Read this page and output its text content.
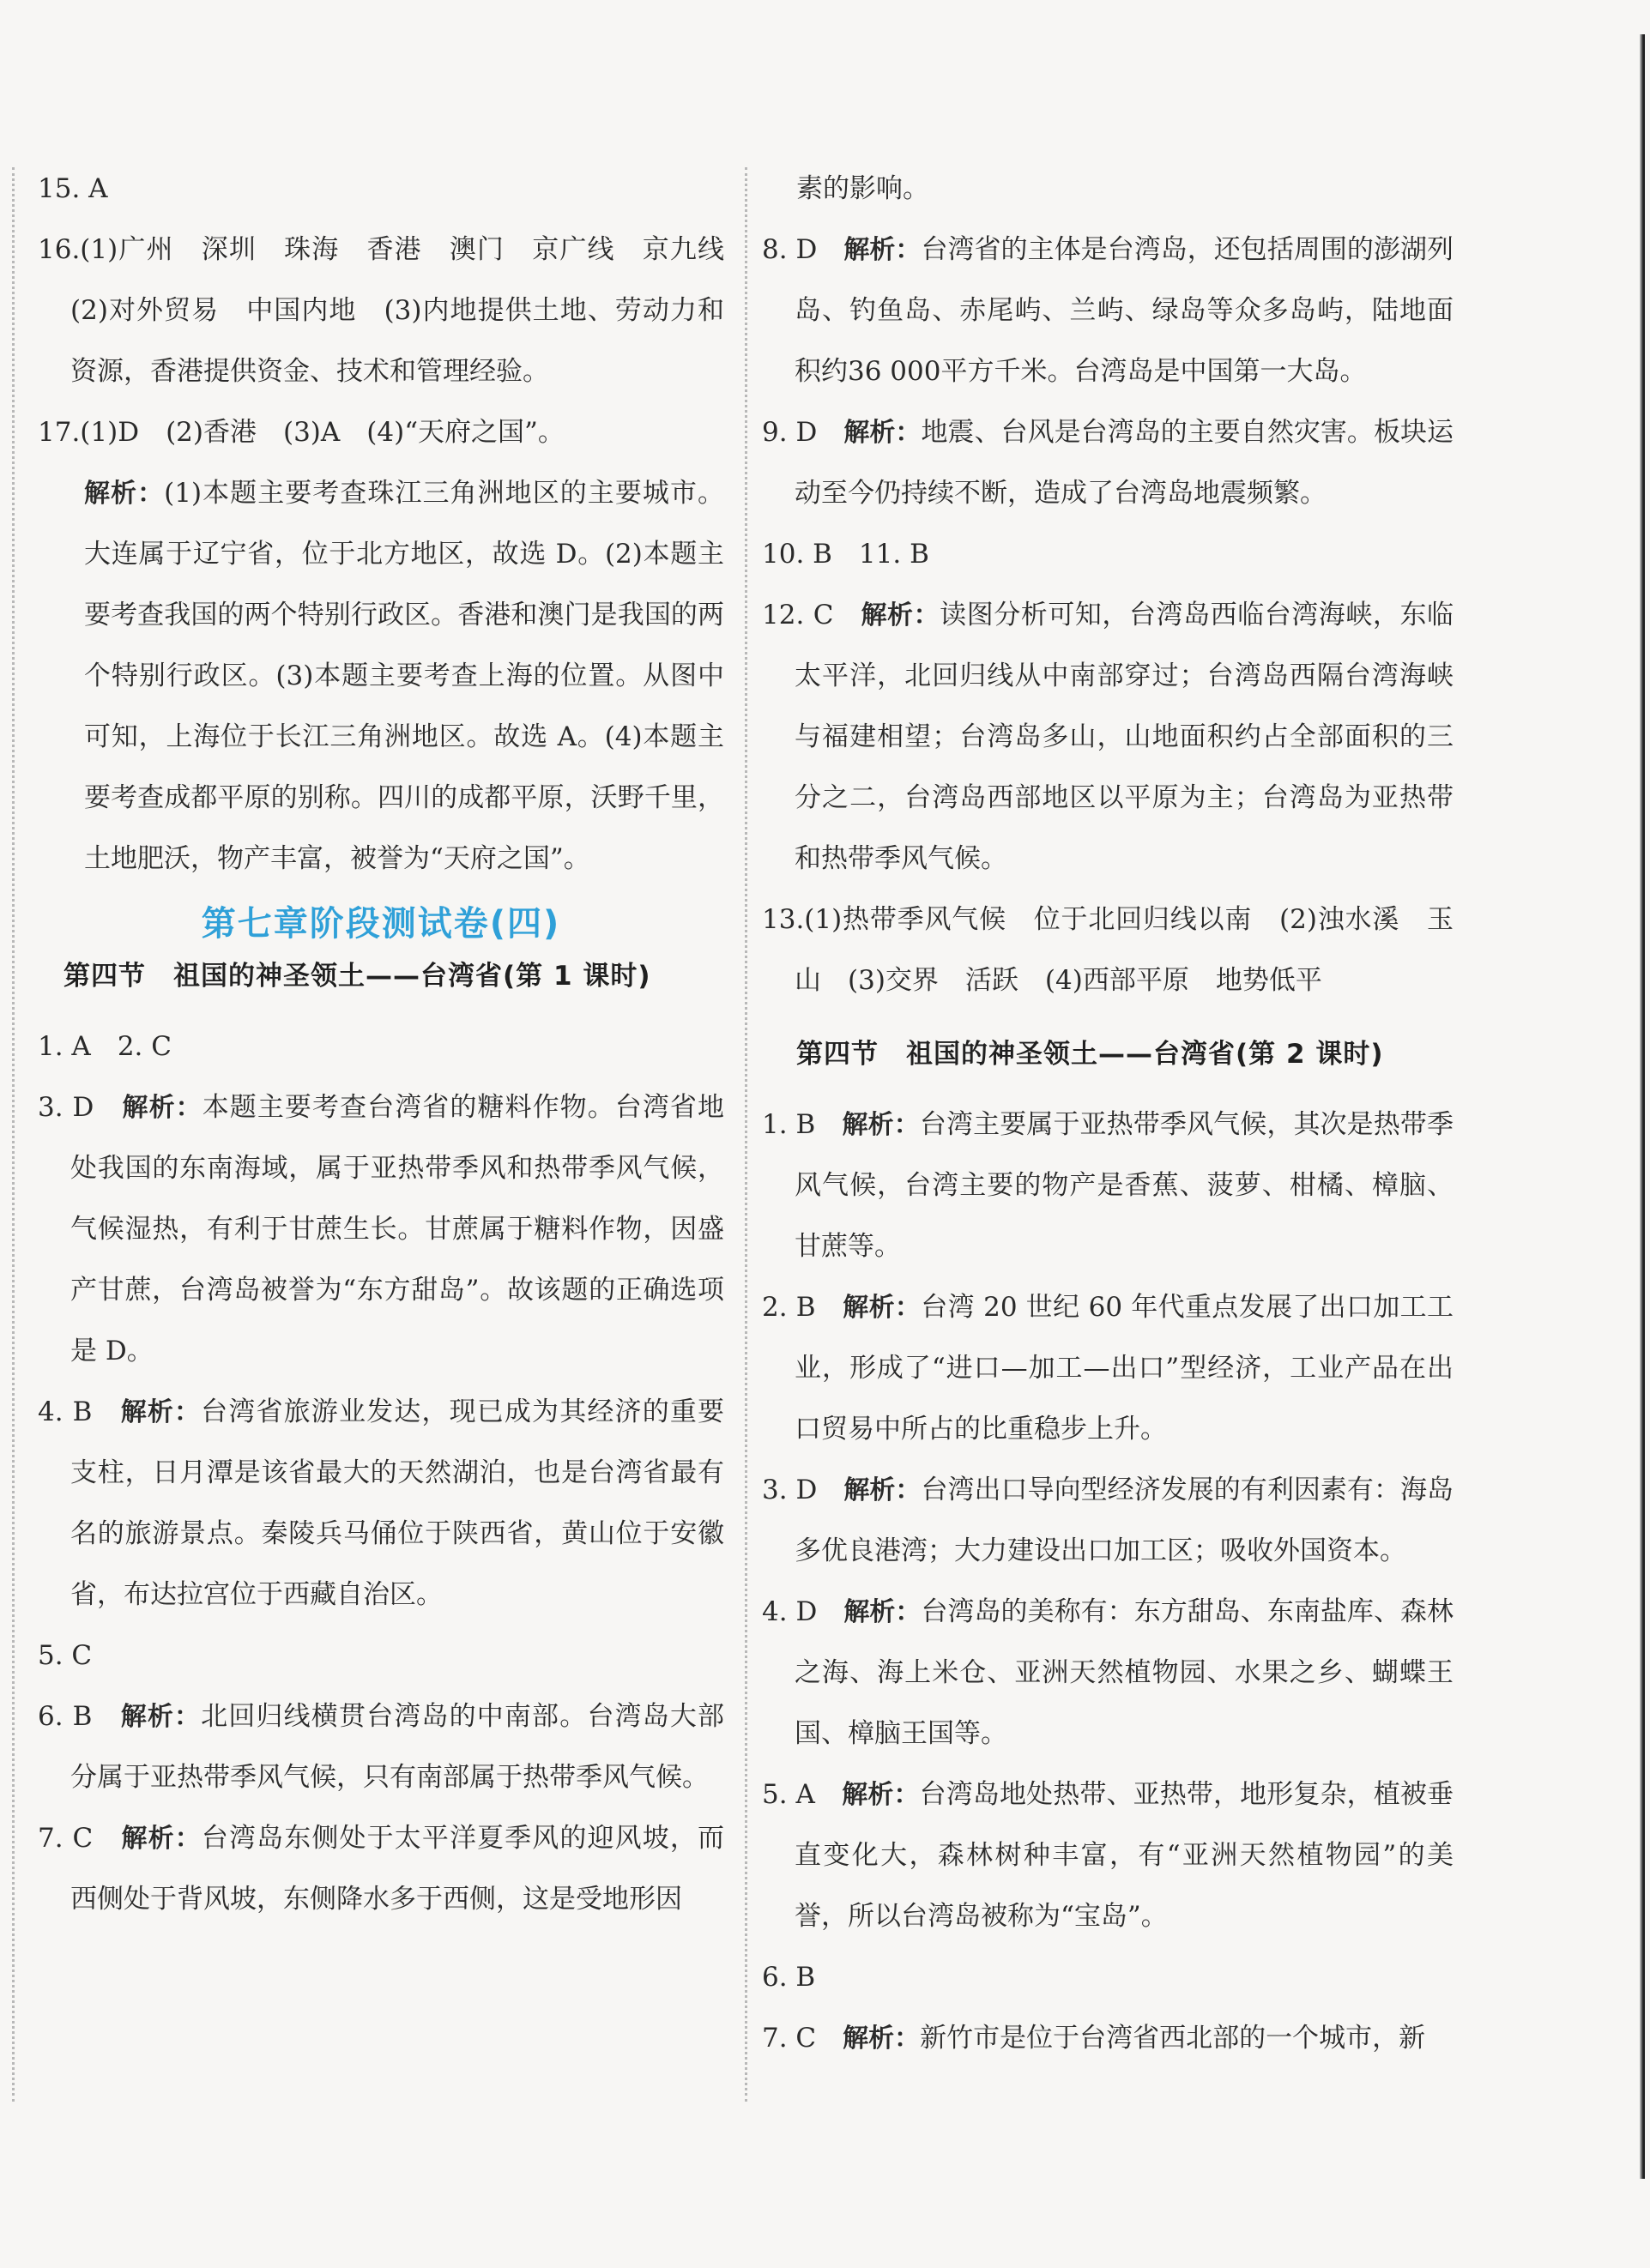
15. A

16.(1)广州　深圳　珠海　香港　澳门　京广线　京九线　(2)对外贸易　中国内地　(3)内地提供土地、劳动力和资源，香港提供资金、技术和管理经验。

17.(1)D　(2)香港　(3)A　(4)“天府之国”。

解析：(1)本题主要考查珠江三角洲地区的主要城市。大连属于辽宁省，位于北方地区，故选 D。(2)本题主要考查我国的两个特别行政区。香港和澳门是我国的两个特别行政区。(3)本题主要考查上海的位置。从图中可知，上海位于长江三角洲地区。故选 A。(4)本题主要考查成都平原的别称。四川的成都平原，沃野千里，土地肥沃，物产丰富，被誉为“天府之国”。

第七章阶段测试卷(四)
第四节　祖国的神圣领土——台湾省(第 1 课时)

1. A　2. C

3. D　解析：本题主要考查台湾省的糖料作物。台湾省地处我国的东南海域，属于亚热带季风和热带季风气候，气候湿热，有利于甘蔗生长。甘蔗属于糖料作物，因盛产甘蔗，台湾岛被誉为“东方甜岛”。故该题的正确选项是 D。

4. B　解析：台湾省旅游业发达，现已成为其经济的重要支柱，日月潭是该省最大的天然湖泊，也是台湾省最有名的旅游景点。秦陵兵马俑位于陕西省，黄山位于安徽省，布达拉宫位于西藏自治区。

5. C

6. B　解析：北回归线横贯台湾岛的中南部。台湾岛大部分属于亚热带季风气候，只有南部属于热带季风气候。

7. C　解析：台湾岛东侧处于太平洋夏季风的迎风坡，而西侧处于背风坡，东侧降水多于西侧，这是受地形因

素的影响。

8. D　解析：台湾省的主体是台湾岛，还包括周围的澎湖列岛、钓鱼岛、赤尾屿、兰屿、绿岛等众多岛屿，陆地面积约36 000平方千米。台湾岛是中国第一大岛。

9. D　解析：地震、台风是台湾岛的主要自然灾害。板块运动至今仍持续不断，造成了台湾岛地震频繁。

10. B　11. B

12. C　解析：读图分析可知，台湾岛西临台湾海峡，东临太平洋，北回归线从中南部穿过；台湾岛西隔台湾海峡与福建相望；台湾岛多山，山地面积约占全部面积的三分之二，台湾岛西部地区以平原为主；台湾岛为亚热带和热带季风气候。

13.(1)热带季风气候　位于北回归线以南　(2)浊水溪　玉山　(3)交界　活跃　(4)西部平原　地势低平

第四节　祖国的神圣领土——台湾省(第 2 课时)

1. B　解析：台湾主要属于亚热带季风气候，其次是热带季风气候，台湾主要的物产是香蕉、菠萝、柑橘、樟脑、甘蔗等。

2. B　解析：台湾 20 世纪 60 年代重点发展了出口加工工业，形成了“进口—加工—出口”型经济，工业产品在出口贸易中所占的比重稳步上升。

3. D　解析：台湾出口导向型经济发展的有利因素有：海岛多优良港湾；大力建设出口加工区；吸收外国资本。

4. D　解析：台湾岛的美称有：东方甜岛、东南盐库、森林之海、海上米仓、亚洲天然植物园、水果之乡、蝴蝶王国、樟脑王国等。

5. A　解析：台湾岛地处热带、亚热带，地形复杂，植被垂直变化大，森林树种丰富，有“亚洲天然植物园”的美誉，所以台湾岛被称为“宝岛”。

6. B

7. C　解析：新竹市是位于台湾省西北部的一个城市，新
